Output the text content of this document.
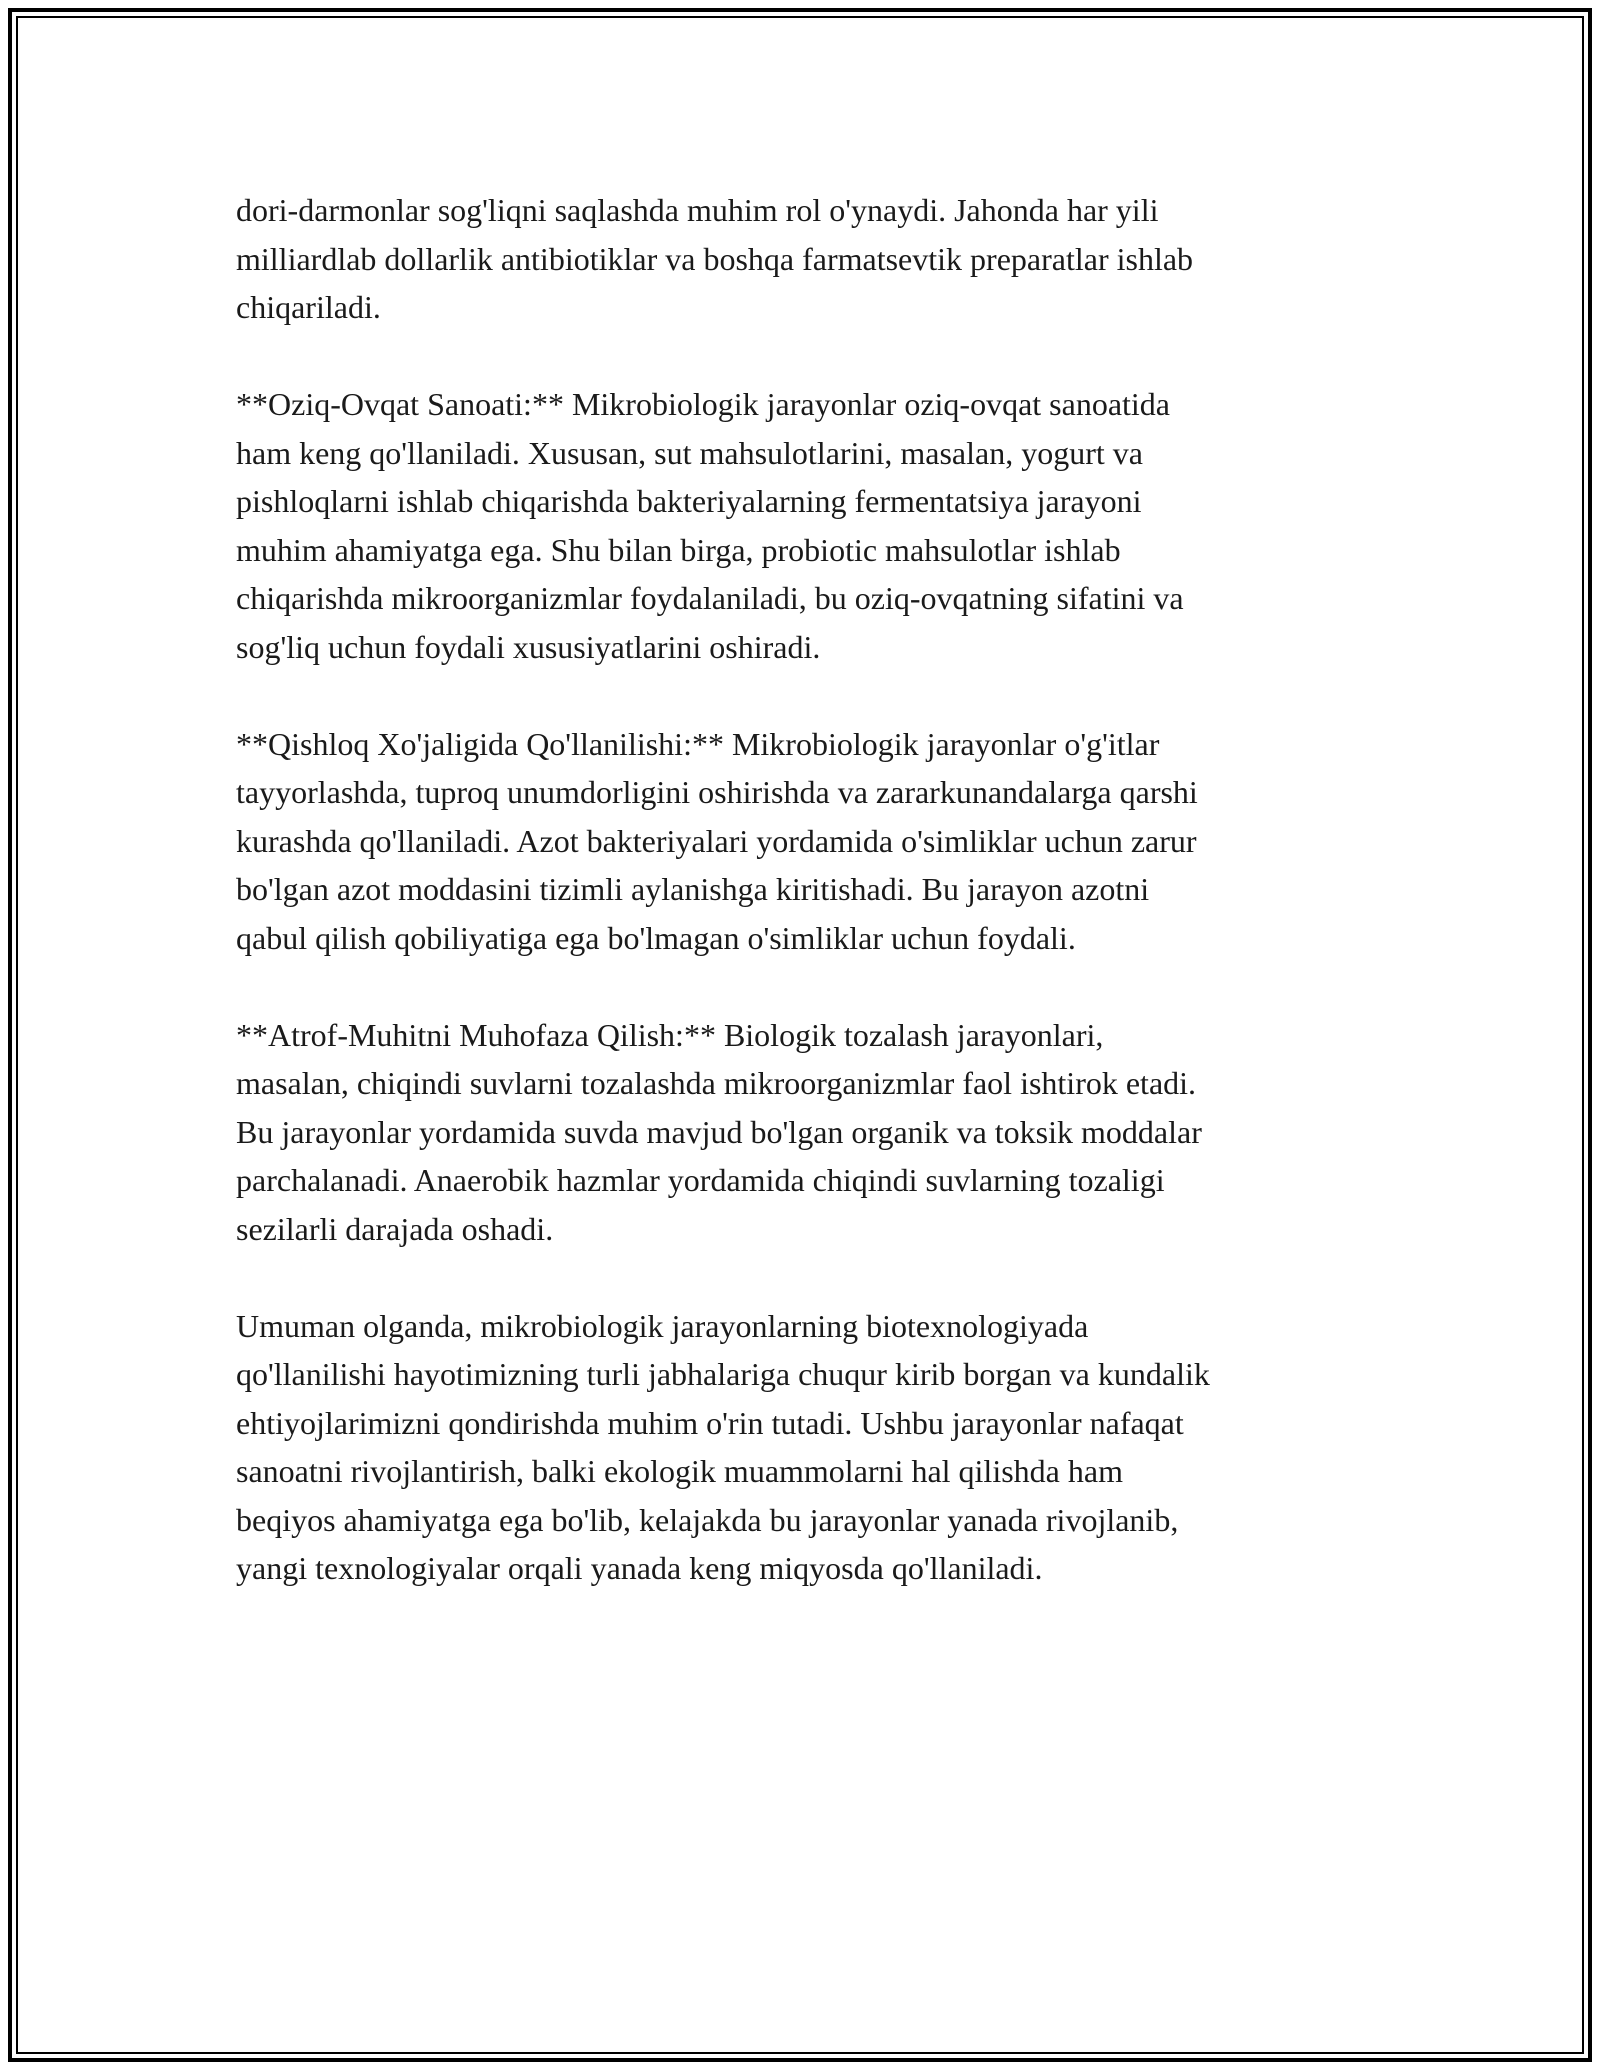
dori-darmonlar sog'liqni saqlashda muhim rol o'ynaydi. Jahonda har yili
milliardlab dollarlik antibiotiklar va boshqa farmatsevtik preparatlar ishlab
chiqariladi.

**Oziq-Ovqat Sanoati:** Mikrobiologik jarayonlar oziq-ovqat sanoatida
ham keng qo'llaniladi. Xususan, sut mahsulotlarini, masalan, yogurt va
pishloqlarni ishlab chiqarishda bakteriyalarning fermentatsiya jarayoni
muhim ahamiyatga ega. Shu bilan birga, probiotic mahsulotlar ishlab
chiqarishda mikroorganizmlar foydalaniladi, bu oziq-ovqatning sifatini va
sog'liq uchun foydali xususiyatlarini oshiradi.

**Qishloq Xo'jaligida Qo'llanilishi:** Mikrobiologik jarayonlar o'g'itlar
tayyorlashda, tuproq unumdorligini oshirishda va zararkunandalarga qarshi
kurashda qo'llaniladi. Azot bakteriyalari yordamida o'simliklar uchun zarur
bo'lgan azot moddasini tizimli aylanishga kiritishadi. Bu jarayon azotni
qabul qilish qobiliyatiga ega bo'lmagan o'simliklar uchun foydali.

**Atrof-Muhitni Muhofaza Qilish:** Biologik tozalash jarayonlari,
masalan, chiqindi suvlarni tozalashda mikroorganizmlar faol ishtirok etadi.
Bu jarayonlar yordamida suvda mavjud bo'lgan organik va toksik moddalar
parchalanadi. Anaerobik hazmlar yordamida chiqindi suvlarning tozaligi
sezilarli darajada oshadi.

Umuman olganda, mikrobiologik jarayonlarning biotexnologiyada
qo'llanilishi hayotimizning turli jabhalariga chuqur kirib borgan va kundalik
ehtiyojlarimizni qondirishda muhim o'rin tutadi. Ushbu jarayonlar nafaqat
sanoatni rivojlantirish, balki ekologik muammolarni hal qilishda ham
beqiyos ahamiyatga ega bo'lib, kelajakda bu jarayonlar yanada rivojlanib,
yangi texnologiyalar orqali yanada keng miqyosda qo'llaniladi.
